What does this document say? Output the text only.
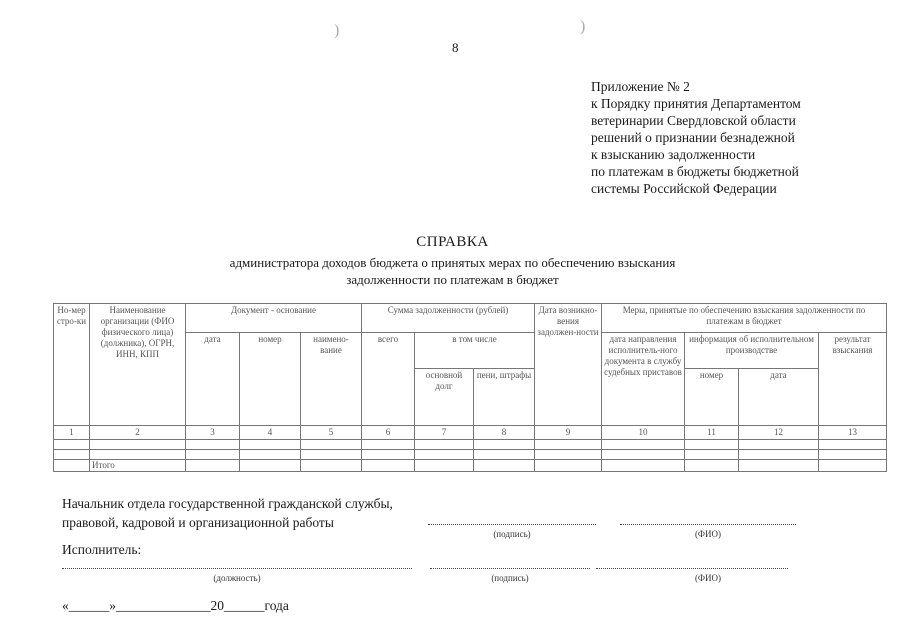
)	)
8
Приложение № 2
к Порядку принятия Департаментом
ветеринарии Свердловской области
решений о признании безнадежной
к взысканию задолженности
по платежам в бюджеты бюджетной
системы Российской Федерации
СПРАВКА
администратора доходов бюджета о принятых мерах по обеспечению взыскания
задолженности по платежам в бюджет
Но-мер стро-ки	Наименование организации (ФИО физического лица) (должника), ОГРН, ИНН, КПП	Документ - основание			Сумма задолженности (рублей)			Дата возникно-вения задолжен-ности	Меры, принятые по обеспечению взыскания задолженности по платежам в бюджет			
		дата	номер	наимено-вание	всего	в том числе			дата направления исполнитель-ного документа в службу судебных приставов	информация об исполнительном производстве		результат взыскания
						основной долг	пени, штрафы			номер	дата	

1	2	3	4	5	6	7	8	9	10	11	12	13

	Итого											
Начальник отдела государственной гражданской службы,
правовой, кадровой и организационной работы
(подпись)	(ФИО)
Исполнитель:
(должность)	(подпись)	(ФИО)
«______»______________20______года
